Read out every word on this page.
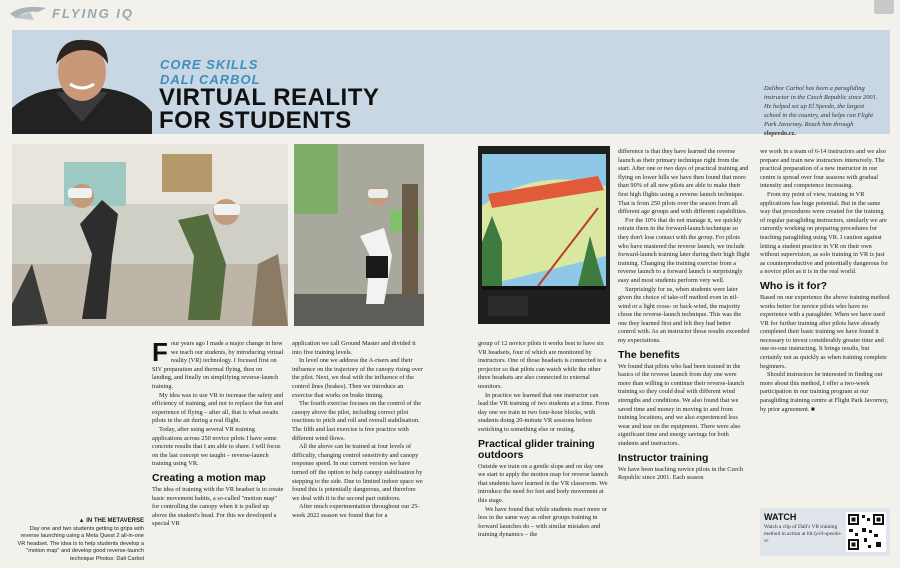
FLYING IQ
CORE SKILLS
DALI CARBOL
VIRTUAL REALITY
FOR STUDENTS
Dalibor Carbol has been a paragliding instructor in the Czech Republic since 2001. He helped set up El Speedo, the largest school in the country, and helps run Flight Park Javornoy. Reach him through elspeedo.cz.
▲ IN THE METAVERSE
Day one and two students getting to grips with reverse launching using a Meta Quest 2 all-in-one VR headset. The idea is to help students develop a "motion map" and develop good reverse-launch technique Photos: Dali Carbol
F our years ago I made a major change in how we teach our students, by introducing virtual reality (VR) technology. I focused first on SIV preparation and thermal flying, then on landing, and finally on simplifying reverse-launch training.

My idea was to use VR to increase the safety and efficiency of training, and not to replace the fun and experience of flying – after all, that is what awaits pilots in the air during a real flight.

Today, after using several VR training applications across 250 novice pilots I have some concrete results that I am able to share. I will focus on the last concept we taught – reverse-launch training using VR.

Creating a motion map

The idea of training with the VR headset is to create basic movement habits, a so-called "motion map" for controlling the canopy when it is pulled up above the student's head. For this we developed a special VR

application we call Ground Master and divided it into five training levels.

In level one we address the A-risers and their influence on the trajectory of the canopy rising over the pilot. Next, we deal with the influence of the control lines (brakes). Then we introduce an exercise that works on brake timing.

The fourth exercise focuses on the control of the canopy above the pilot, including correct pilot reactions to pitch and roll and overall stabilisation. The fifth and last exercise is free practice with different wind flows.

All the above can be trained at four levels of difficulty, changing control sensitivity and canopy response speed. In our current version we have turned off the option to help canopy stabilisation by stepping to the side. Due to limited indoor space we found this is potentially dangerous, and therefore we deal with it in the second part outdoors.

After much experimentation throughout our 25-week 2022 season we found that for a

group of 12 novice pilots it works best to have six VR headsets, four of which are monitored by instructors. One of those headsets is connected to a projector so that pilots can watch while the other three headsets are also connected to external monitors.

In practice we learned that one instructor can lead the VR training of two students at a time. From day one we train in two four-hour blocks, with students doing 20-minute VR sessions before switching to something else or resting.

Practical glider training outdoors

Outside we train on a gentle slope and on day one we start to apply the motion map for reverse launch that students have learned in the VR classroom. We introduce the need for feet and body movement at this stage.

We have found that while students react more or less in the same way as other groups training in forward launches do – with similar mistakes and training dynamics – the

difference is that they have learned the reverse launch as their primary technique right from the start. After one or two days of practical training and flying on lower hills we have then found that more than 90% of all new pilots are able to make their first high flights using a reverse launch technique. That is from 250 pilots over the season from all different age groups and with different capabilities.

For the 10% that do not manage it, we quickly retrain them in the forward-launch technique so they don't lose contact with the group. For pilots who have mastered the reverse launch, we include forward-launch training later during their high flight training. Changing the training exercise from a reverse launch to a forward launch is surprisingly easy and most students perform very well.

Surprisingly for us, when students were later given the choice of take-off method even in nil-wind or a light cross- or back-wind, the majority chose the reverse-launch technique. This was the one they learned first and felt they had better control with. As an instructor those results exceeded my expectations.

The benefits

We found that pilots who had been trained in the basics of the reverse launch from day one were more than willing to continue their reverse-launch training so they could deal with different wind strengths and conditions. We also found that we saved time and money in moving to and from training locations, and we also experienced less wear and tear on the equipment. There were also significant time and energy savings for both students and instructors.

Instructor training

We have been teaching novice pilots in the Czech Republic since 2001. Each season

we work in a team of 6-14 instructors and we also prepare and train new instructors intensively. The practical preparation of a new instructor in our centre is spread over four seasons with gradual intensity and competence increasing.

From my point of view, training in VR applications has huge potential. But in the same way that procedures were created for the training of regular paragliding instructors, similarly we are currently working on preparing procedures for teaching paragliding using VR. I caution against letting a student practice in VR on their own without supervision, as solo training in VR is just as counterproductive and potentially dangerous for a novice pilot as it is in the real world.

Who is it for?

Based on our experience the above training method works better for novice pilots who have no experience with a paraglider. When we have used VR for further training after pilots have already completed their basic training we have found it necessary to invest considerably greater time and one-to-one instructing. It brings results, but certainly not as quickly as when training complete beginners.

Should instructors be interested in finding out more about this method, I offer a two-week participation in our training program at our paragliding training centre at Flight Park Javornoy, by prior agreement. ■

WATCH
Watch a clip of Dali's VR training method in action at bit.ly/el-speedo-vr
